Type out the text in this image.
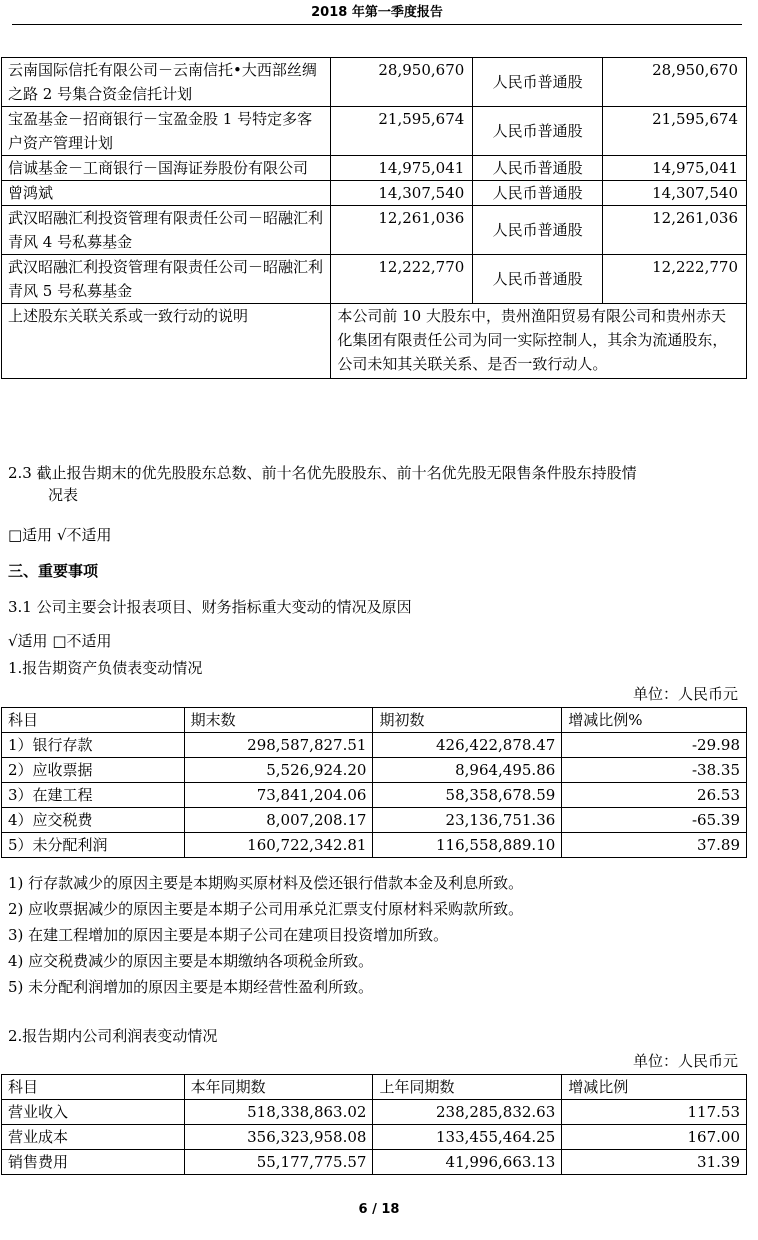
2018 年第一季度报告
云南国际信托有限公司－云南信托•大西部丝绸之路 2 号集合资金信托计划	28,950,670	人民币普通股	28,950,670
宝盈基金－招商银行－宝盈金股 1 号特定多客户资产管理计划	21,595,674	人民币普通股	21,595,674
信诚基金－工商银行－国海证券股份有限公司	14,975,041	人民币普通股	14,975,041
曾鸿斌	14,307,540	人民币普通股	14,307,540
武汉昭融汇利投资管理有限责任公司－昭融汇利青风 4 号私募基金	12,261,036	人民币普通股	12,261,036
武汉昭融汇利投资管理有限责任公司－昭融汇利青风 5 号私募基金	12,222,770	人民币普通股	12,222,770
上述股东关联关系或一致行动的说明	本公司前 10 大股东中，贵州渔阳贸易有限公司和贵州赤天化集团有限责任公司为同一实际控制人，其余为流通股东，公司未知其关联关系、是否一致行动人。		
2.3 截止报告期末的优先股股东总数、前十名优先股股东、前十名优先股无限售条件股东持股情
况表
□适用 √不适用
三、重要事项
3.1 公司主要会计报表项目、财务指标重大变动的情况及原因
√适用 □不适用
1.报告期资产负债表变动情况
单位：人民币元
科目	期末数	期初数	增减比例%
1）银行存款	298,587,827.51	426,422,878.47	-29.98
2）应收票据	5,526,924.20	8,964,495.86	-38.35
3）在建工程	73,841,204.06	58,358,678.59	26.53
4）应交税费	8,007,208.17	23,136,751.36	-65.39
5）未分配利润	160,722,342.81	116,558,889.10	37.89
1) 行存款减少的原因主要是本期购买原材料及偿还银行借款本金及利息所致。
2) 应收票据减少的原因主要是本期子公司用承兑汇票支付原材料采购款所致。
3) 在建工程增加的原因主要是本期子公司在建项目投资增加所致。
4) 应交税费减少的原因主要是本期缴纳各项税金所致。
5) 未分配利润增加的原因主要是本期经营性盈利所致。
2.报告期内公司利润表变动情况
单位：人民币元
科目	本年同期数	上年同期数	增减比例
营业收入	518,338,863.02	238,285,832.63	117.53
营业成本	356,323,958.08	133,455,464.25	167.00
销售费用	55,177,775.57	41,996,663.13	31.39
6 / 18
